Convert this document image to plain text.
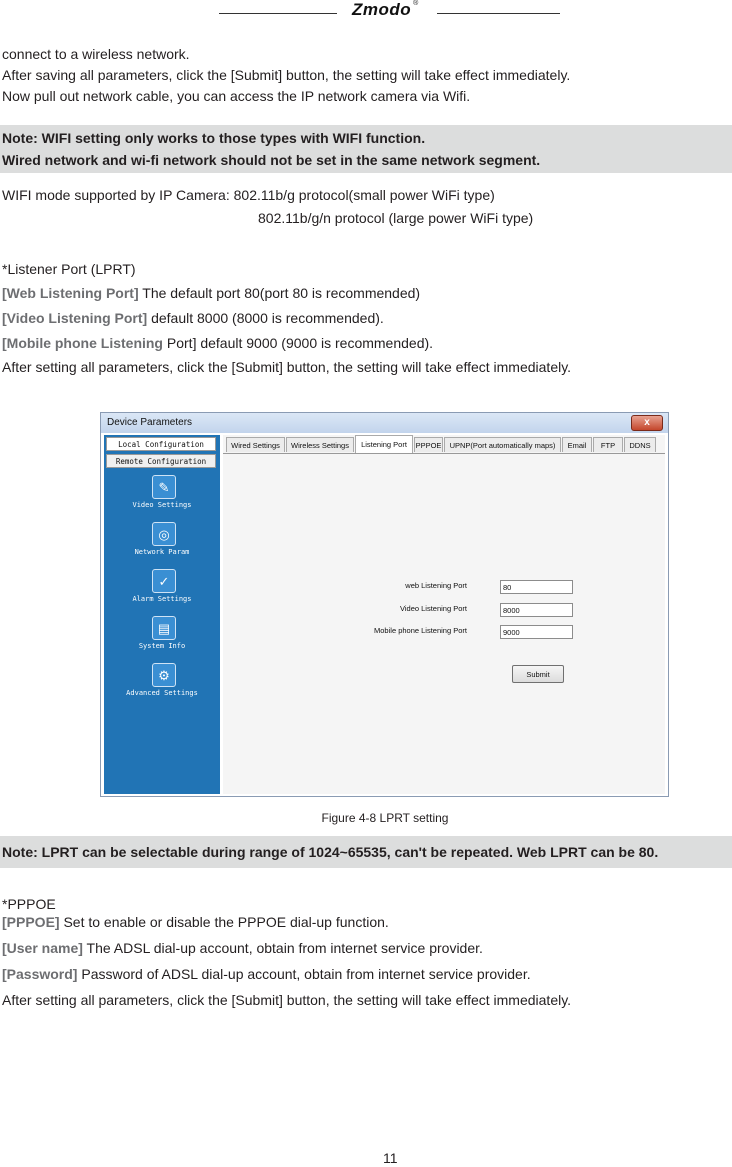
Zmodo ®
connect to a wireless network.
After saving all parameters, click the [Submit] button, the setting will take effect immediately.
Now pull out network cable, you can access the IP network camera via Wifi.
Note: WIFI setting only works to those types with WIFI function.
Wired network and wi-fi network should not be set in the same network segment.
WIFI mode supported by IP Camera: 802.11b/g protocol(small power WiFi type)
802.11b/g/n protocol (large power WiFi type)
*Listener Port (LPRT)
[Web Listening Port] The default port 80(port 80 is recommended)
[Video Listening Port] default 8000 (8000 is recommended).
[Mobile phone Listening Port] default 9000 (9000 is recommended).
After setting all parameters, click the [Submit] button, the setting will take effect immediately.
Device Parameters	x
Local Configuration
Remote Configuration
✎
Video Settings
◎
Network Param
✓
Alarm Settings
▤
System Info
⚙
Advanced Settings
Wired Settings	Wireless Settings	Listening Port	PPPOE	UPNP(Port automatically maps)	Email	FTP	DDNS
web Listening Port	80
Video Listening Port	8000
Mobile phone Listening Port	9000
Submit
Figure 4-8 LPRT setting
Note: LPRT can be selectable during range of 1024~65535, can't be repeated. Web LPRT can be 80.
*PPPOE
[PPPOE] Set to enable or disable the PPPOE dial-up function.
[User name] The ADSL dial-up account, obtain from internet service provider.
[Password] Password of ADSL dial-up account, obtain from internet service provider.
After setting all parameters, click the [Submit] button, the setting will take effect immediately.
11
